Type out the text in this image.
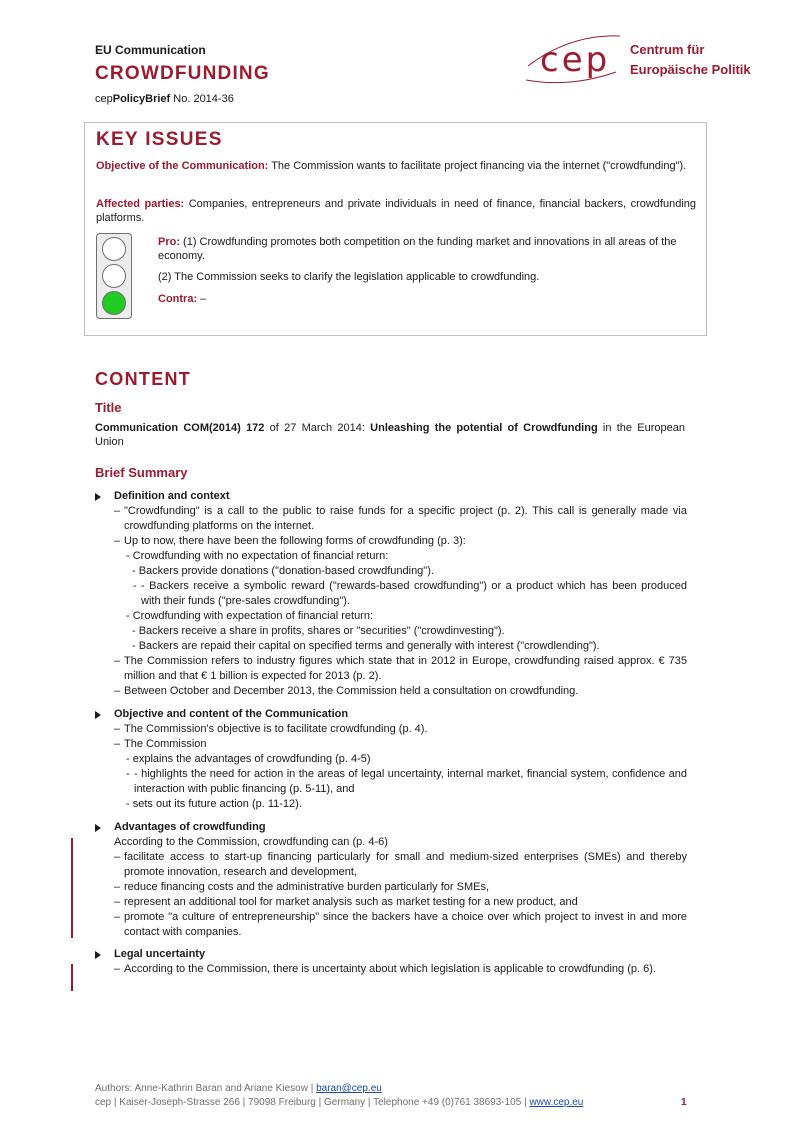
EU Communication
CROWDFUNDING
cepPolicyBrief No. 2014-36
cep Centrum für
Europäische Politik
KEY ISSUES
Objective of the Communication: The Commission wants to facilitate project financing via the internet ("crowdfunding").
Affected parties: Companies, entrepreneurs and private individuals in need of finance, financial backers, crowdfunding platforms.
Pro: (1) Crowdfunding promotes both competition on the funding market and innovations in all areas of the economy.
(2) The Commission seeks to clarify the legislation applicable to crowdfunding.
Contra: –
CONTENT
Title
Communication COM(2014) 172 of 27 March 2014: Unleashing the potential of Crowdfunding in the European Union
Brief Summary
Definition and context
– "Crowdfunding" is a call to the public to raise funds for a specific project (p. 2). This call is generally made via crowdfunding platforms on the internet.
– Up to now, there have been the following forms of crowdfunding (p. 3):
- Crowdfunding with no expectation of financial return:
- Backers provide donations ("donation-based crowdfunding").
- - Backers receive a symbolic reward ("rewards-based crowdfunding") or a product which has been produced with their funds ("pre-sales crowdfunding").
- Crowdfunding with expectation of financial return:
- Backers receive a share in profits, shares or "securities" ("crowdinvesting").
- Backers are repaid their capital on specified terms and generally with interest ("crowdlending").
– The Commission refers to industry figures which state that in 2012 in Europe, crowdfunding raised approx. € 735 million and that € 1 billion is expected for 2013 (p. 2).
– Between October and December 2013, the Commission held a consultation on crowdfunding.
Objective and content of the Communication
– The Commission's objective is to facilitate crowdfunding (p. 4).
– The Commission
- explains the advantages of crowdfunding (p. 4-5)
- - highlights the need for action in the areas of legal uncertainty, internal market, financial system, confidence and interaction with public financing (p. 5-11), and
- sets out its future action (p. 11-12).
Advantages of crowdfunding
According to the Commission, crowdfunding can (p. 4-6)
– facilitate access to start-up financing particularly for small and medium-sized enterprises (SMEs) and thereby promote innovation, research and development,
– reduce financing costs and the administrative burden particularly for SMEs,
– represent an additional tool for market analysis such as market testing for a new product, and
– promote "a culture of entrepreneurship" since the backers have a choice over which project to invest in and more contact with companies.
Legal uncertainty
– According to the Commission, there is uncertainty about which legislation is applicable to crowdfunding (p. 6).
Authors: Anne-Kathrin Baran and Ariane Kiesow | baran@cep.eu
cep | Kaiser-Joseph-Strasse 266 | 79098 Freiburg | Germany | Telephone +49 (0)761 38693-105 | www.cep.eu	1
